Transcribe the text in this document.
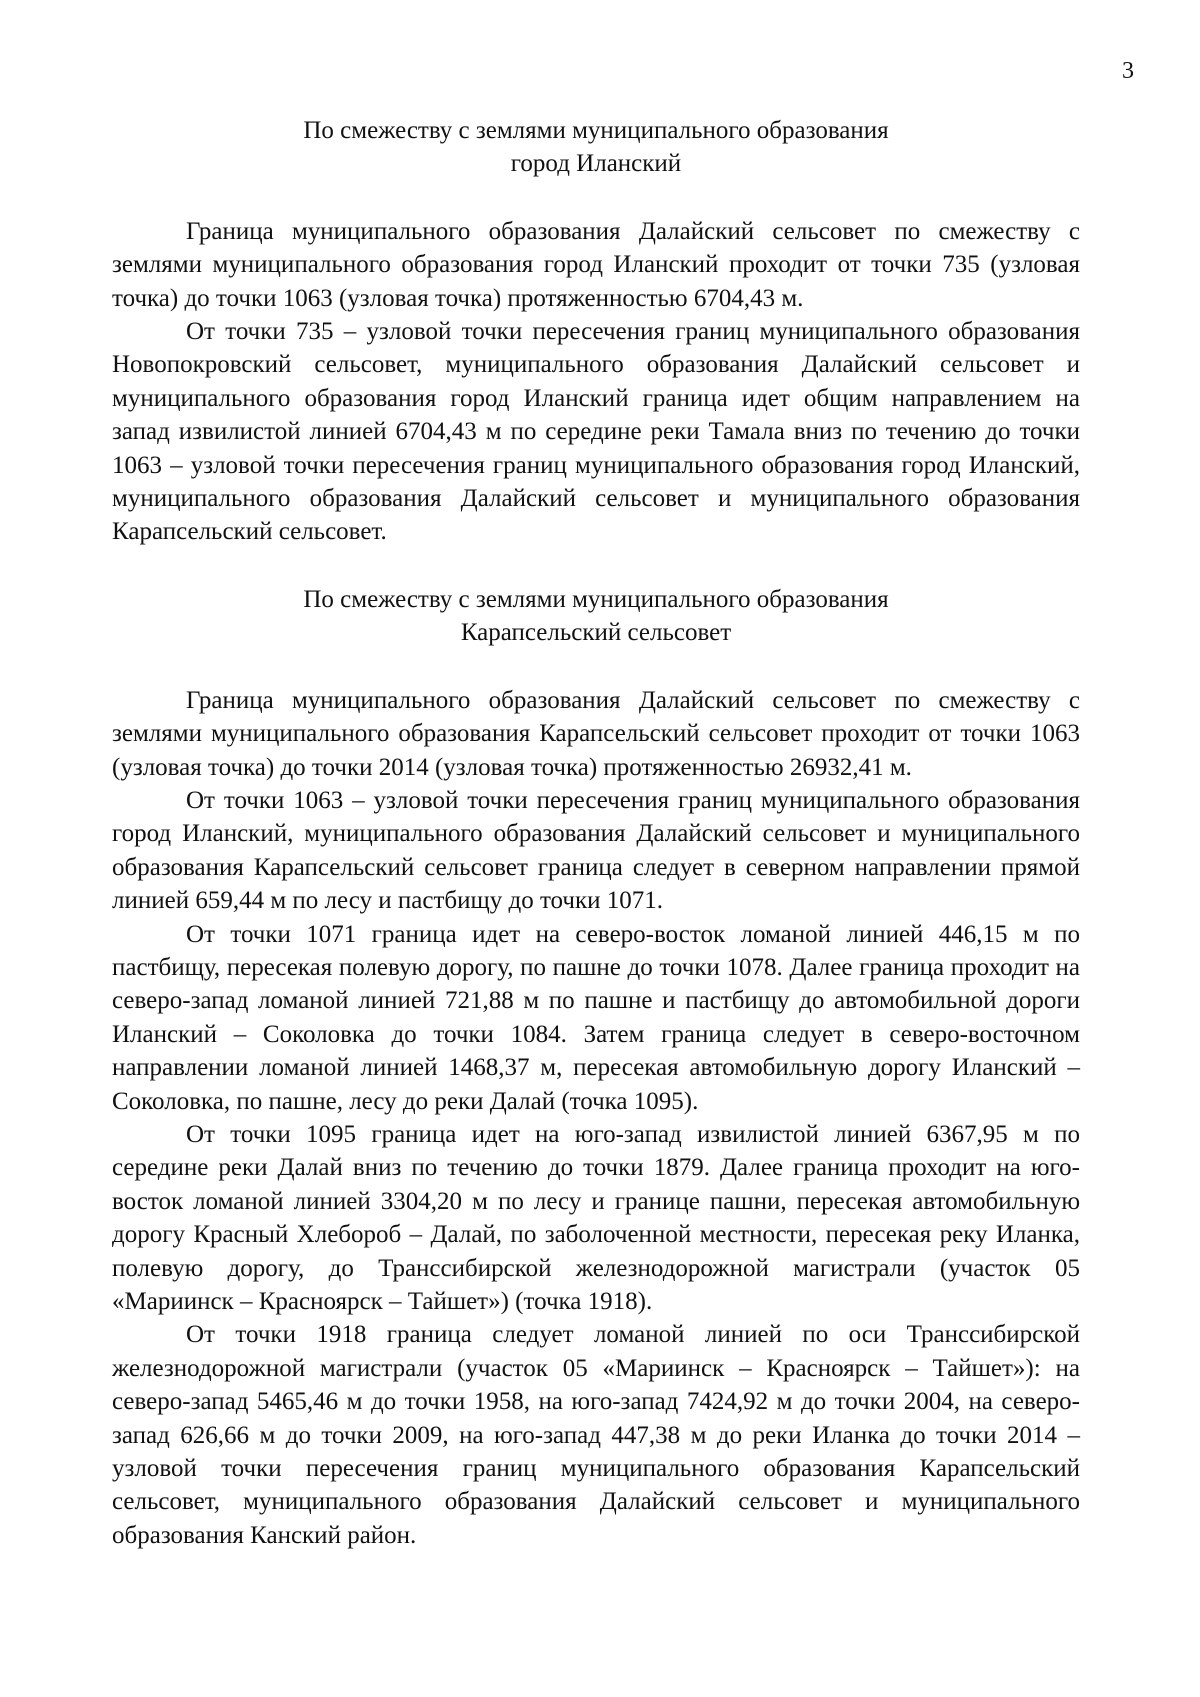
3

По смежеству с землями муниципального образования
город Иланский

Граница муниципального образования Далайский сельсовет по смежеству с землями муниципального образования город Иланский проходит от точки 735 (узловая точка) до точки 1063 (узловая точка) протяженностью 6704,43 м.

От точки 735 – узловой точки пересечения границ муниципального образования Новопокровский сельсовет, муниципального образования Далайский сельсовет и муниципального образования город Иланский граница идет общим направлением на запад извилистой линией 6704,43 м по середине реки Тамала вниз по течению до точки 1063 – узловой точки пересечения границ муниципального образования город Иланский, муниципального образования Далайский сельсовет и муниципального образования Карапсельский сельсовет.

По смежеству с землями муниципального образования
Карапсельский сельсовет

Граница муниципального образования Далайский сельсовет по смежеству с землями муниципального образования Карапсельский сельсовет проходит от точки 1063 (узловая точка) до точки 2014 (узловая точка) протяженностью 26932,41 м.

От точки 1063 – узловой точки пересечения границ муниципального образования город Иланский, муниципального образования Далайский сельсовет и муниципального образования Карапсельский сельсовет граница следует в северном направлении прямой линией 659,44 м по лесу и пастбищу до точки 1071.

От точки 1071 граница идет на северо-восток ломаной линией 446,15 м по пастбищу, пересекая полевую дорогу, по пашне до точки 1078. Далее граница проходит на северо-запад ломаной линией 721,88 м по пашне и пастбищу до автомобильной дороги Иланский – Соколовка до точки 1084. Затем граница следует в северо-восточном направлении ломаной линией 1468,37 м, пересекая автомобильную дорогу Иланский – Соколовка, по пашне, лесу до реки Далай (точка 1095).

От точки 1095 граница идет на юго-запад извилистой линией 6367,95 м по середине реки Далай вниз по течению до точки 1879. Далее граница проходит на юго-восток ломаной линией 3304,20 м по лесу и границе пашни, пересекая автомобильную дорогу Красный Хлебороб – Далай, по заболоченной местности, пересекая реку Иланка, полевую дорогу, до Транссибирской железнодорожной магистрали (участок 05 «Мариинск – Красноярск – Тайшет») (точка 1918).

От точки 1918 граница следует ломаной линией по оси Транссибирской железнодорожной магистрали (участок 05 «Мариинск – Красноярск – Тайшет»): на северо-запад 5465,46 м до точки 1958, на юго-запад 7424,92 м до точки 2004, на северо-запад 626,66 м до точки 2009, на юго-запад 447,38 м до реки Иланка до точки 2014 – узловой точки пересечения границ муниципального образования Карапсельский сельсовет, муниципального образования Далайский сельсовет и муниципального образования Канский район.
